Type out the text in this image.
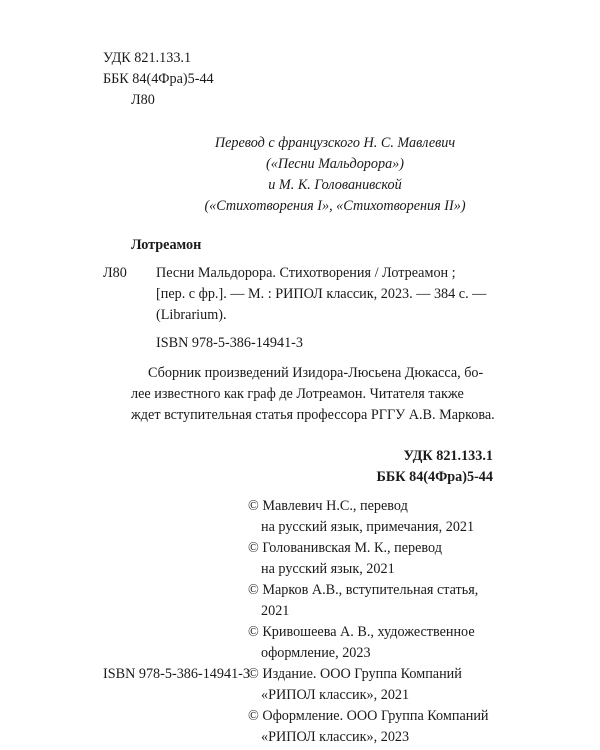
УДК 821.133.1
ББК 84(4Фра)5-44
Л80
Перевод с французского Н. С. Мавлевич
(«Песни Мальдорора»)
и М. К. Голованивской
(«Стихотворения I», «Стихотворения II»)
Лотреамон
Л80 Песни Мальдорора. Стихотворения / Лотреамон ;
[пер. с фр.]. — М. : РИПОЛ классик, 2023. — 384 с. —
(Librarium).
ISBN 978-5-386-14941-3
Сборник произведений Изидора-Люсьена Дюкасса, бо-
лее известного как граф де Лотреамон. Читателя также
ждет вступительная статья профессора РГГУ А.В. Маркова.
УДК 821.133.1
ББК 84(4Фра)5-44
© Мавлевич Н.С., перевод
на русский язык, примечания, 2021
© Голованивская М. К., перевод
на русский язык, 2021
© Марков А.В., вступительная статья,
2021
© Кривошеева А. В., художественное
оформление, 2023
© Издание. ООО Группа Компаний
«РИПОЛ классик», 2021
© Оформление. ООО Группа Компаний
«РИПОЛ классик», 2023
ISBN 978-5-386-14941-3
